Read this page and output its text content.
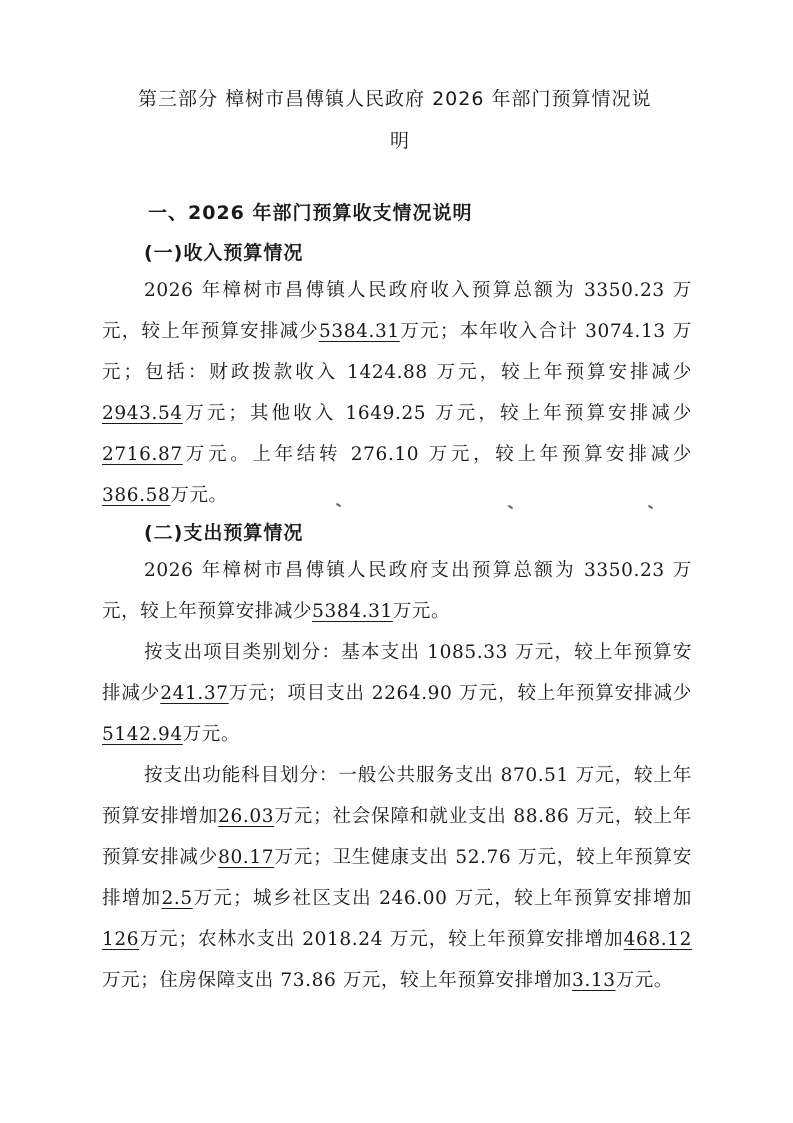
第三部分 樟树市昌傅镇人民政府 2026 年部门预算情况说
明
一、2026 年部门预算收支情况说明
(一)收入预算情况
2026 年樟树市昌傅镇人民政府收入预算总额为 3350.23 万元，较上年预算安排减少5384.31万元；本年收入合计 3074.13 万元；包括：财政拨款收入 1424.88 万元，较上年预算安排减少2943.54万元；其他收入 1649.25 万元，较上年预算安排减少2716.87万元。上年结转 276.10 万元，较上年预算安排减少386.58万元。
(二)支出预算情况
2026 年樟树市昌傅镇人民政府支出预算总额为 3350.23 万元，较上年预算安排减少5384.31万元。
按支出项目类别划分：基本支出 1085.33 万元，较上年预算安排减少241.37万元；项目支出 2264.90 万元，较上年预算安排减少5142.94万元。
按支出功能科目划分：一般公共服务支出 870.51 万元，较上年预算安排增加26.03万元；社会保障和就业支出 88.86 万元，较上年预算安排减少80.17万元；卫生健康支出 52.76 万元，较上年预算安排增加2.5万元；城乡社区支出 246.00 万元，较上年预算安排增加126万元；农林水支出 2018.24 万元，较上年预算安排增加468.12万元；住房保障支出 73.86 万元，较上年预算安排增加3.13万元。
